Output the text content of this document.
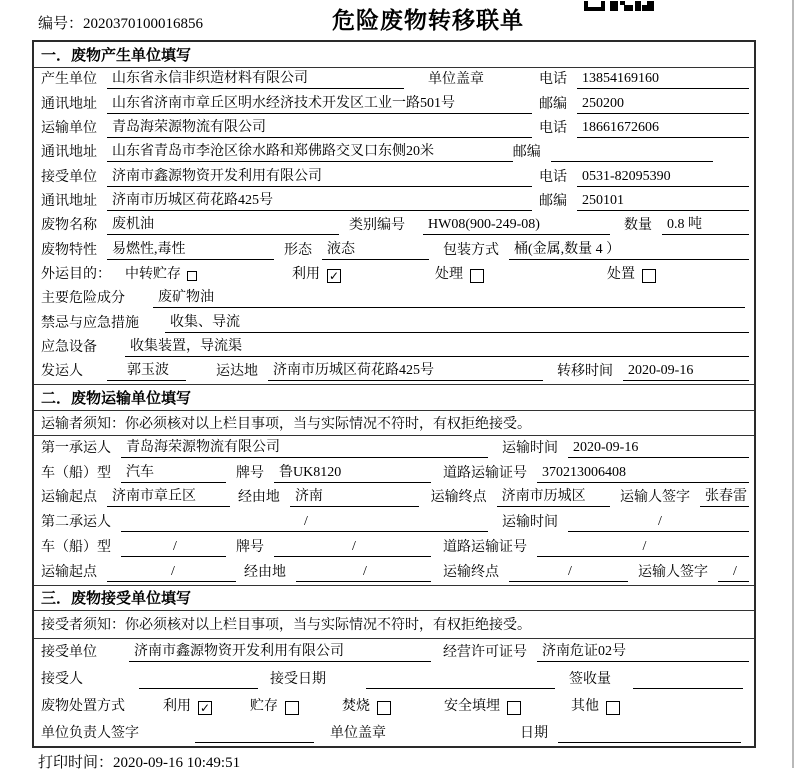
编号：2020370100016856	危险废物转移联单
一．废物产生单位填写
产生单位	山东省永信非织造材料有限公司	单位盖章	电话	13854169160
通讯地址	山东省济南市章丘区明水经济技术开发区工业一路501号	邮编	250200
运输单位	青岛海荣源物流有限公司	电话	18661672606
通讯地址	山东省青岛市李沧区徐水路和郑佛路交叉口东侧20米	邮编
接受单位	济南市鑫源物资开发利用有限公司	电话	0531-82095390
通讯地址	济南市历城区荷花路425号	邮编	250101
废物名称	废机油	类别编号	HW08(900-249-08)	数量	0.8 吨
废物特性	易燃性,毒性	形态	液态	包装方式	桶(金属,数量 4 ）
外运目的：	中转贮存	利用 ✓	处理	处置
主要危险成分	废矿物油
禁忌与应急措施	收集、导流
应急设备	收集装置，导流渠
发运人	郭玉波	运达地	济南市历城区荷花路425号	转移时间	2020-09-16
二．废物运输单位填写
运输者须知：你必须核对以上栏目事项，当与实际情况不符时，有权拒绝接受。
第一承运人	青岛海荣源物流有限公司	运输时间	2020-09-16
车（船）型	汽车	牌号	鲁UK8120	道路运输证号	370213006408
运输起点	济南市章丘区	经由地	济南	运输终点	济南市历城区	运输人签字	张春雷
第二承运人	/	运输时间	/
车（船）型	/	牌号	/	道路运输证号	/
运输起点	/	经由地	/	运输终点	/	运输人签字	/
三．废物接受单位填写
接受者须知：你必须核对以上栏目事项，当与实际情况不符时，有权拒绝接受。
接受单位	济南市鑫源物资开发利用有限公司	经营许可证号	济南危证02号
接受人	接受日期	签收量
废物处置方式	利用 ✓	贮存	焚烧	安全填埋	其他
单位负责人签字	单位盖章	日期
打印时间：2020-09-16 10:49:51
